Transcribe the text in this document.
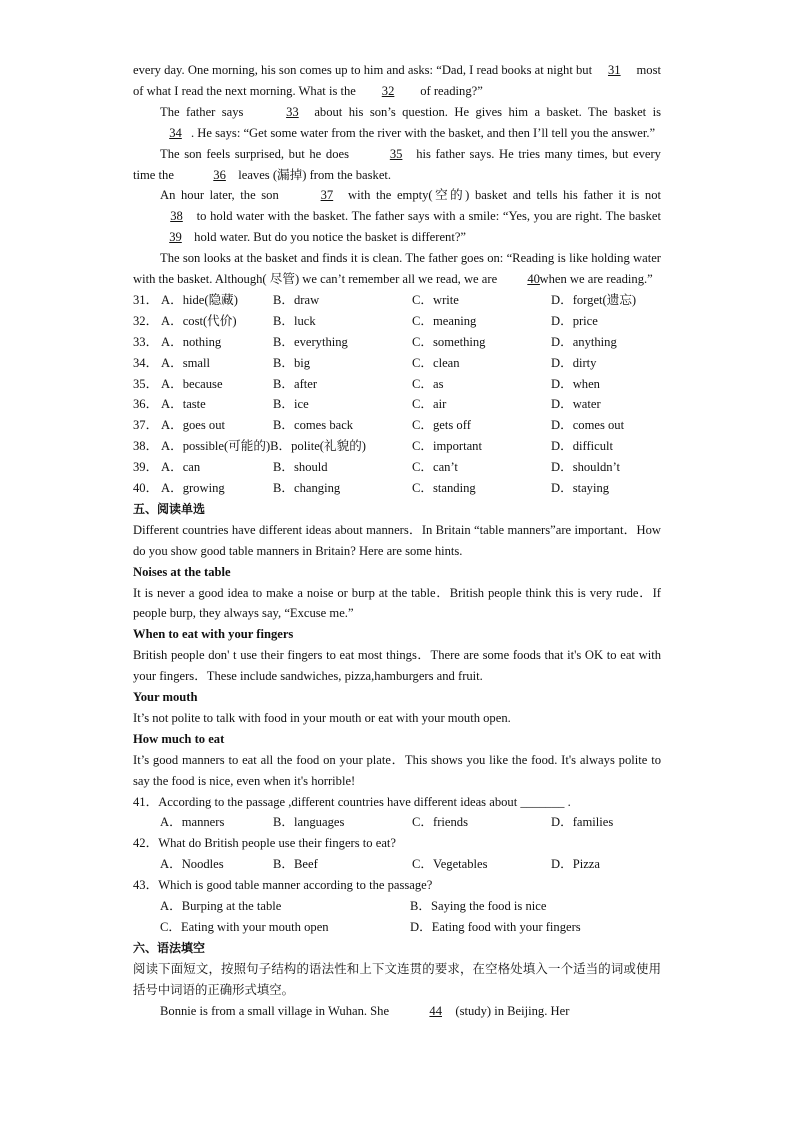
every day. One morning, his son comes up to him and asks: “Dad, I read books at night but 31 most of what I read the next morning. What is the 32 of reading?”

The father says	33 about his son’s question. He gives him a basket. The basket is 34 . He says: “Get some water from the river with the basket, and then I’ll tell you the answer.”

The son feels surprised, but he does	35 his father says. He tries many times, but every time the	36 leaves (漏掉) from the basket.

An hour later, the son	37 with the empty(空的) basket and tells his father it is not 38 to hold water with the basket. The father says with a smile: “Yes, you are right. The basket 39 hold water. But do you notice the basket is different?”

The son looks at the basket and finds it is clean. The father goes on: “Reading is like holding water with the basket. Although( 尽管) we can’t remember all we read, we are 40 when we are reading.”

31． A．hide(隐藏)	B．draw	C．write	D．forget(遗忘)
32． A．cost(代价)	B．luck	C．meaning	D．price
33． A．nothing	B．everything	C．something	D．anything
34． A．small	B．big	C．clean	D．dirty
35． A．because	B．after	C．as	D．when
36． A．taste	B．ice	C．air	D．water
37． A．goes out	B．comes back	C．gets off	D．comes out
38． A．possible(可能的)B．polite(礼貌的)	C．important	D．difficult
39． A．can	B．should	C．can’t	D．shouldn’t
40． A．growing	B．changing	C．standing	D．staying

五、阅读单选

Different countries have different ideas about manners．In Britain “table manners”are important．How do you show good table manners in Britain? Here are some hints.

Noises at the table

It is never a good idea to make a noise or burp at the table．British people think this is very rude．If people burp, they always say, “Excuse me.”

When to eat with your fingers

British people don' t use their fingers to eat most things．There are some foods that it's OK to eat with your fingers．These include sandwiches, pizza,hamburgers and fruit.

Your mouth

It’s not polite to talk with food in your mouth or eat with your mouth open.

How much to eat

It’s good manners to eat all the food on your plate．This shows you like the food. It's always polite to say the food is nice, even when it's horrible!

41．According to the passage ,different countries have different ideas about _______ .

A．manners	B．languages	C．friends	D．families

42．What do British people use their fingers to eat?

A．Noodles	B．Beef	C．Vegetables	D．Pizza

43．Which is good table manner according to the passage?

A．Burping at the table	B．Saying the food is nice
C．Eating with your mouth open	D．Eating food with your fingers

六、语法填空

阅读下面短文，按照句子结构的语法性和上下文连贯的要求，在空格处填入一个适当的词或使用括号中词语的正确形式填空。

Bonnie is from a small village in Wuhan. She	44 (study) in Beijing. Her
